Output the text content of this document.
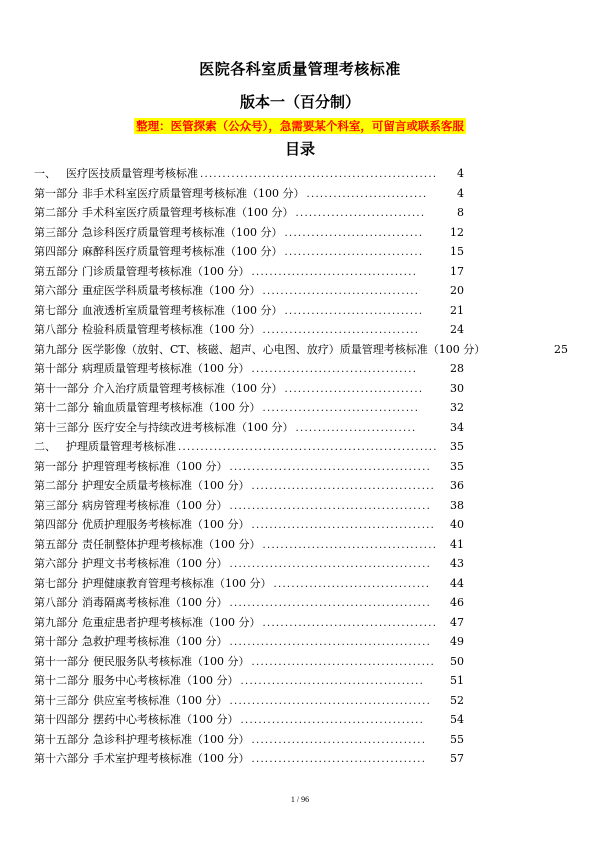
医院各科室质量管理考核标准
版本一（百分制）
整理：医管探索（公众号），急需要某个科室，可留言或联系客服
目录
一、 医疗医技质量管理考核标准 .....................................................	4
第一部分 非手术科室医疗质量管理考核标准（100 分） ...........................	4
第二部分 手术科室医疗质量管理考核标准（100 分） .............................	8
第三部分 急诊科医疗质量管理考核标准（100 分） ...............................	12
第四部分 麻醉科医疗质量管理考核标准（100 分） ...............................	15
第五部分 门诊质量管理考核标准（100 分） .....................................	17
第六部分 重症医学科质量考核标准（100 分） ...................................	20
第七部分 血液透析室质量管理考核标准（100 分） ...............................	21
第八部分 检验科质量管理考核标准（100 分） ...................................	24
第九部分 医学影像（放射、CT、核磁、超声、心电图、放疗）质量管理考核标准（100 分）	25
第十部分 病理质量管理考核标准（100 分） .....................................	28
第十一部分 介入治疗质量管理考核标准（100 分） ...............................	30
第十二部分 输血质量管理考核标准（100 分） ...................................	32
第十三部分 医疗安全与持续改进考核标准（100 分） ...........................	34
二、 护理质量管理考核标准 ..........................................................	35
第一部分 护理管理考核标准（100 分） .............................................	35
第二部分 护理安全质量考核标准（100 分） .........................................	36
第三部分 病房管理考核标准（100 分） .............................................	38
第四部分 优质护理服务考核标准（100 分） .........................................	40
第五部分 责任制整体护理考核标准（100 分） .......................................	41
第六部分 护理文书考核标准（100 分） .............................................	43
第七部分 护理健康教育管理考核标准（100 分） ...................................	44
第八部分 消毒隔离考核标准（100 分） .............................................	46
第九部分 危重症患者护理考核标准（100 分） .......................................	47
第十部分 急救护理考核标准（100 分） .............................................	49
第十一部分 便民服务队考核标准（100 分） .........................................	50
第十二部分 服务中心考核标准（100 分） .........................................	51
第十三部分 供应室考核标准（100 分） .............................................	52
第十四部分 摆药中心考核标准（100 分） .........................................	54
第十五部分 急诊科护理考核标准（100 分） .......................................	55
第十六部分 手术室护理考核标准（100 分） .......................................	57
1 / 96
